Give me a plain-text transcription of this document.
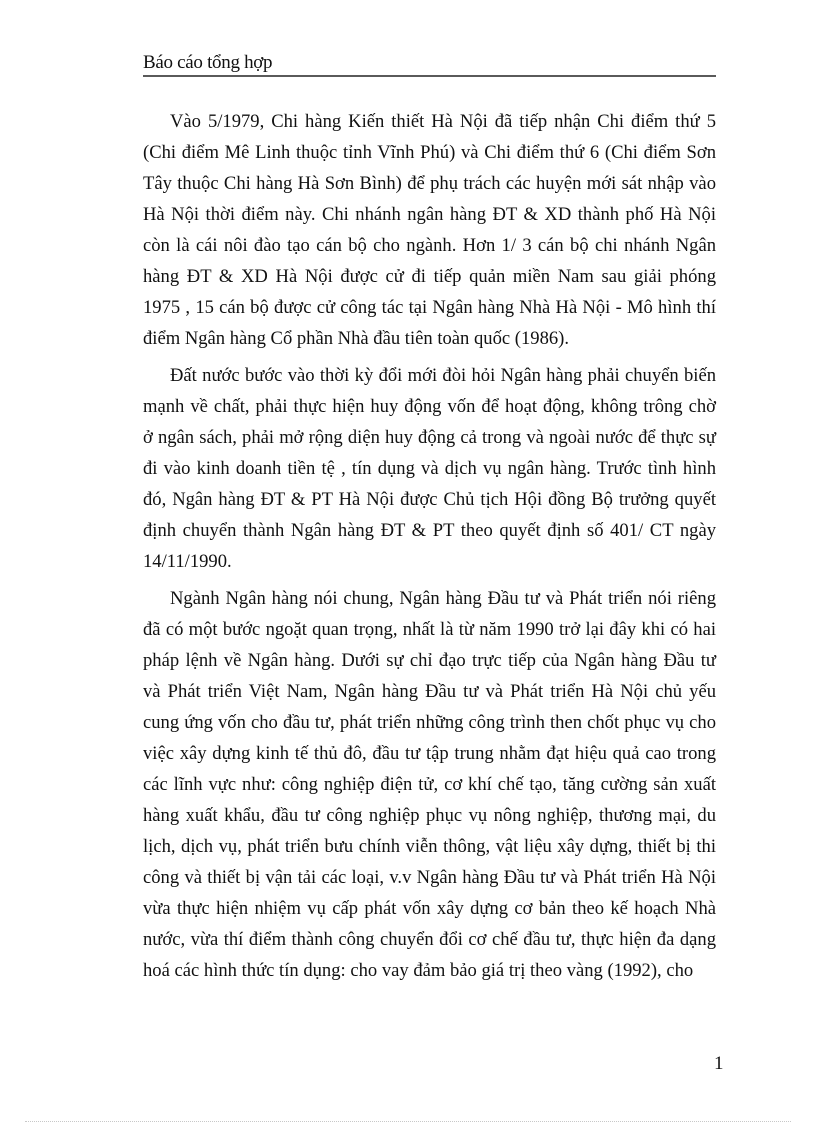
Báo cáo tổng hợp

Vào 5/1979, Chi hàng Kiến thiết Hà Nội đã tiếp nhận Chi điểm thứ 5
(Chi điểm Mê Linh thuộc tỉnh Vĩnh Phú) và Chi điểm thứ 6 (Chi điểm Sơn
Tây thuộc Chi hàng Hà Sơn Bình) để phụ trách các huyện mới sát nhập vào
Hà Nội thời điểm này. Chi nhánh ngân hàng ĐT & XD thành phố Hà Nội
còn là cái nôi đào tạo cán bộ cho ngành. Hơn 1/ 3 cán bộ chi nhánh Ngân
hàng ĐT & XD Hà Nội được cử đi tiếp quản miền Nam sau giải phóng
1975 , 15 cán bộ được cử công tác tại Ngân hàng Nhà Hà Nội - Mô hình thí
điểm Ngân hàng Cổ phần Nhà đầu tiên toàn quốc (1986).

Đất nước bước vào thời kỳ đổi mới đòi hỏi Ngân hàng phải chuyển biến
mạnh về chất, phải thực hiện huy động vốn để hoạt động, không trông chờ
ở ngân sách, phải mở rộng diện huy động cả trong và ngoài nước để thực sự
đi vào kinh doanh tiền tệ , tín dụng và dịch vụ ngân hàng. Trước tình hình
đó, Ngân hàng ĐT & PT Hà Nội được Chủ tịch Hội đồng Bộ trưởng quyết
định chuyển thành Ngân hàng ĐT & PT theo quyết định số 401/ CT ngày
14/11/1990.

Ngành Ngân hàng nói chung, Ngân hàng Đầu tư và Phát triển nói riêng
đã có một bước ngoặt quan trọng, nhất là từ năm 1990 trở lại đây khi có hai
pháp lệnh về Ngân hàng. Dưới sự chỉ đạo trực tiếp của Ngân hàng Đầu tư
và Phát triển Việt Nam, Ngân hàng Đầu tư và Phát triển Hà Nội chủ yếu
cung ứng vốn cho đầu tư, phát triển những công trình then chốt phục vụ cho
việc xây dựng kinh tế thủ đô, đầu tư tập trung nhằm đạt hiệu quả cao trong
các lĩnh vực như: công nghiệp điện tử, cơ khí chế tạo, tăng cường sản xuất
hàng xuất khẩu, đầu tư công nghiệp phục vụ nông nghiệp, thương mại, du
lịch, dịch vụ, phát triển bưu chính viễn thông, vật liệu xây dựng, thiết bị thi
công và thiết bị vận tải các loại, v.v Ngân hàng Đầu tư và Phát triển Hà Nội
vừa thực hiện nhiệm vụ cấp phát vốn xây dựng cơ bản theo kế hoạch Nhà
nước, vừa thí điểm thành công chuyển đổi cơ chế đầu tư, thực hiện đa dạng
hoá các hình thức tín dụng: cho vay đảm bảo giá trị theo vàng (1992), cho

1
